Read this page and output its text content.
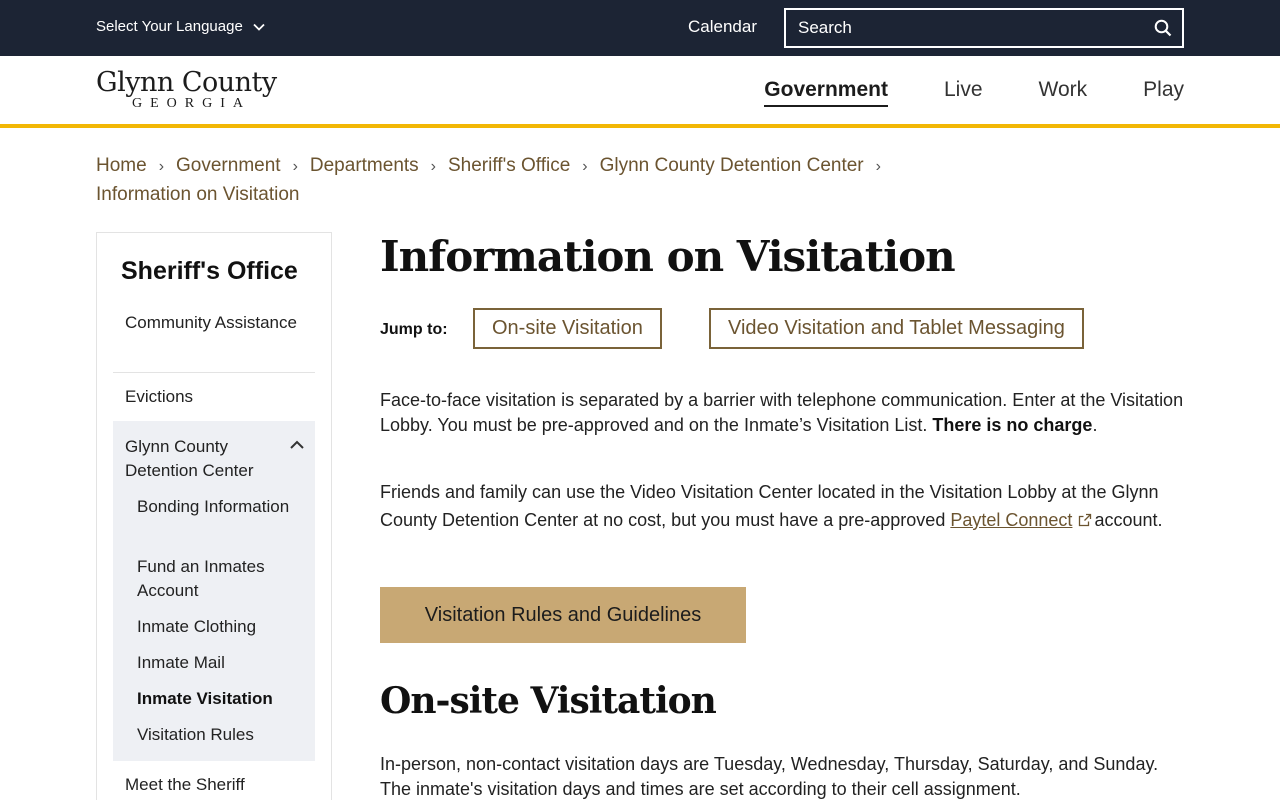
Select Your Language	Calendar
Search
Glynn County
GEORGIA
Government	Live	Work	Play
Home › Government › Departments › Sheriff's Office › Glynn County Detention Center ›
Information on Visitation
Sheriff's Office
Community Assistance
Evictions
Glynn County Detention Center
Bonding Information
Fund an Inmates Account
Inmate Clothing
Inmate Mail
Inmate Visitation
Visitation Rules
Meet the Sheriff
Information on Visitation
Jump to:	On-site Visitation	Video Visitation and Tablet Messaging

Face-to-face visitation is separated by a barrier with telephone communication. Enter at the Visitation Lobby. You must be pre-approved and on the Inmate’s Visitation List. There is no charge.

Friends and family can use the Video Visitation Center located in the Visitation Lobby at the Glynn County Detention Center at no cost, but you must have a pre-approved Paytel Connect account.

Visitation Rules and Guidelines
On-site Visitation

In-person, non-contact visitation days are Tuesday, Wednesday, Thursday, Saturday, and Sunday. The inmate's visitation days and times are set according to their cell assignment.
